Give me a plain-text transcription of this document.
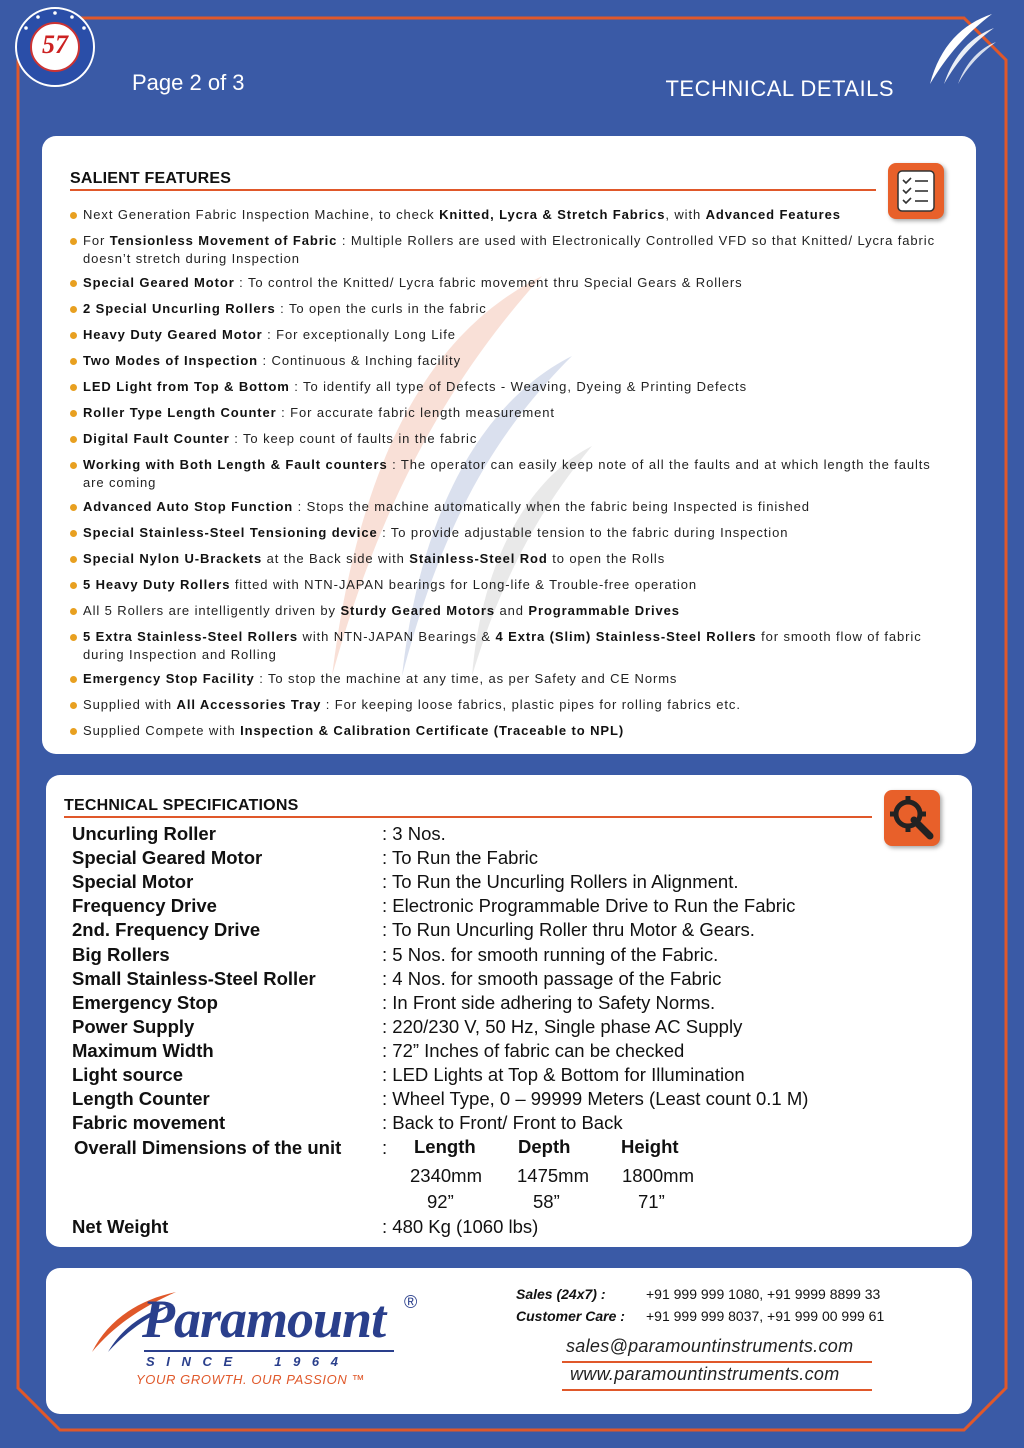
57
Page 2 of 3	TECHNICAL DETAILS
SALIENT FEATURES
Next Generation Fabric Inspection Machine, to check Knitted, Lycra & Stretch Fabrics, with Advanced Features
For Tensionless Movement of Fabric : Multiple Rollers are used with Electronically Controlled VFD so that Knitted/ Lycra fabric doesn’t stretch during Inspection
Special Geared Motor : To control the Knitted/ Lycra fabric movement thru Special Gears & Rollers
2 Special Uncurling Rollers : To open the curls in the fabric
Heavy Duty Geared Motor : For exceptionally Long Life
Two Modes of Inspection : Continuous & Inching facility
LED Light from Top & Bottom : To identify all type of Defects - Weaving, Dyeing & Printing Defects
Roller Type Length Counter : For accurate fabric length measurement
Digital Fault Counter : To keep count of faults in the fabric
Working with Both Length & Fault counters : The operator can easily keep note of all the faults and at which length the faults are coming
Advanced Auto Stop Function : Stops the machine automatically when the fabric being Inspected is finished
Special Stainless-Steel Tensioning device : To provide adjustable tension to the fabric during Inspection
Special Nylon U-Brackets at the Back side with Stainless-Steel Rod to open the Rolls
5 Heavy Duty Rollers fitted with NTN-JAPAN bearings for Long-life & Trouble-free operation
All 5 Rollers are intelligently driven by Sturdy Geared Motors and Programmable Drives
5 Extra Stainless-Steel Rollers with NTN-JAPAN Bearings & 4 Extra (Slim) Stainless-Steel Rollers for smooth flow of fabric during Inspection and Rolling
Emergency Stop Facility : To stop the machine at any time, as per Safety and CE Norms
Supplied with All Accessories Tray : For keeping loose fabrics, plastic pipes for rolling fabrics etc.
Supplied Compete with Inspection & Calibration Certificate (Traceable to NPL)
TECHNICAL SPECIFICATIONS
Uncurling Roller	: 3 Nos.
Special Geared Motor	: To Run the Fabric
Special Motor	: To Run the Uncurling Rollers in Alignment.
Frequency Drive	: Electronic Programmable Drive to Run the Fabric
2nd. Frequency Drive	: To Run Uncurling Roller thru Motor & Gears.
Big Rollers	: 5 Nos. for smooth running of the Fabric.
Small Stainless-Steel Roller	: 4 Nos. for smooth passage of the Fabric
Emergency Stop	: In Front side adhering to Safety Norms.
Power Supply	: 220/230 V, 50 Hz, Single phase AC Supply
Maximum Width	: 72” Inches of fabric can be checked
Light source	: LED Lights at Top & Bottom for Illumination
Length Counter	: Wheel Type, 0 – 99999 Meters (Least count 0.1 M)
Fabric movement	: Back to Front/ Front to Back
Overall Dimensions of the unit : Length Depth	Height
2340mm 1475mm 1800mm
92”	58”	71”
Net Weight	: 480 Kg (1060 lbs)
Paramount ®
S I N C E     1 9 6 4
YOUR GROWTH. OUR PASSION ™
Sales (24x7) :	+91 999 999 1080, +91 9999 8899 33
Customer Care : +91 999 999 8037, +91 999 00 999 61
sales@paramountinstruments.com
www.paramountinstruments.com
